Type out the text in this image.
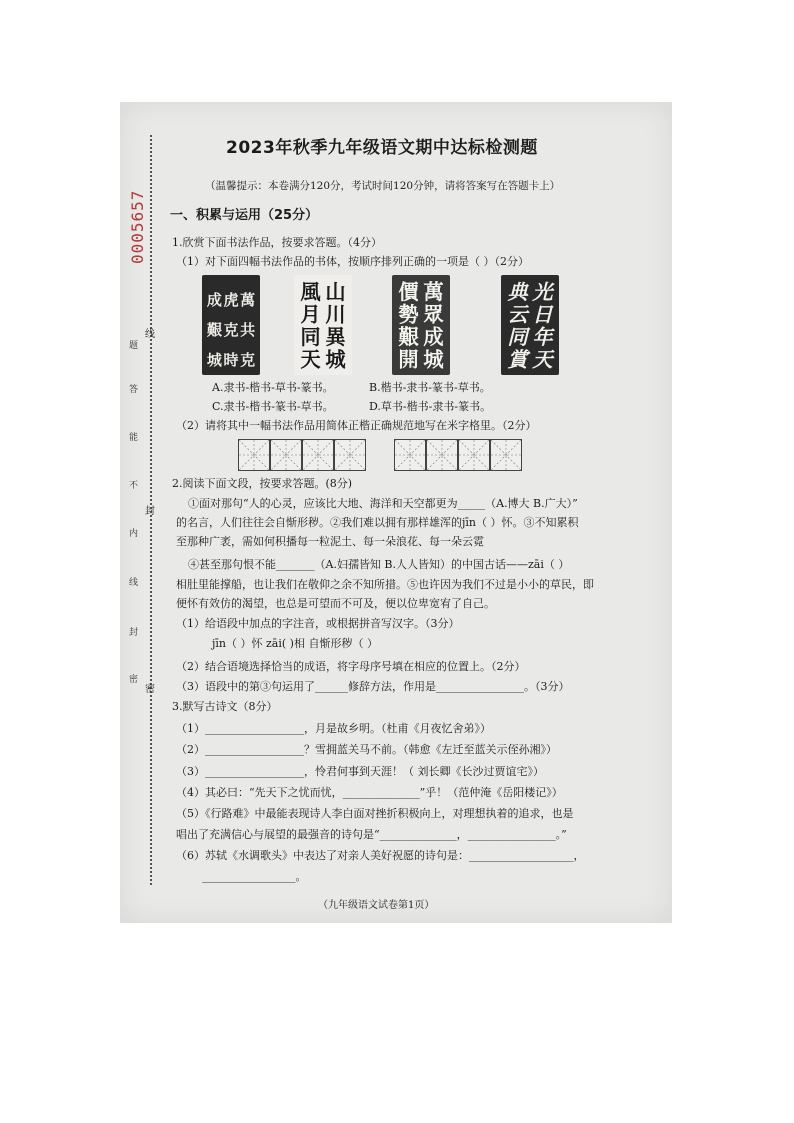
0005657
题
答
能
不
内
线
封
密
线
封
密
2023年秋季九年级语文期中达标检测题
（温馨提示：本卷满分120分，考试时间120分钟，请将答案写在答题卡上）
一、积累与运用（25分）
1.欣赏下面书法作品，按要求答题。（4分）
（1）对下面四幅书法作品的书体，按顺序排列正确的一项是（ ）（2分）
萬
共
克
虎
克
時
成
艱
城
山
川
異
城
風
月
同
天
萬
眾
成
城
價
勢
艱
開
光
日
年
天
典
云
同
賞
A.隶书-楷书-草书-篆书。	B.楷书-隶书-篆书-草书。
C.隶书-楷书-篆书-草书。	D.草书-楷书-隶书-篆书。
（2）请将其中一幅书法作品用简体正楷正确规范地写在米字格里。（2分）
2.阅读下面文段，按要求答题。(8分)
①面对那句“人的心灵，应该比大地、海洋和天空都更为_____（A.博大 B.广大）”
的名言，人们往往会自惭形秽。②我们难以拥有那样雄浑的jīn（ ）怀。③不知累积
至那种广袤，需如何积播每一粒泥土、每一朵浪花、每一朵云霓
④甚至那句恨不能_______（A.妇孺皆知 B.人人皆知）的中国古话——zāi（ ）
相肚里能撑船，也让我们在敬仰之余不知所措。⑤也许因为我们不过是小小的草民，即
便怀有效仿的渴望，也总是可望而不可及，便以位卑宽宥了自己。
（1）给语段中加点的字注音，或根据拼音写汉字。（3分）
jīn（ ）怀 zāi( )相 自惭形秽（ ）
（2）结合语境选择恰当的成语，将字母序号填在相应的位置上。（2分）
（3）语段中的第③句运用了______修辞方法，作用是________________。（3分）
3.默写古诗文（8分）
（1）__________________，月是故乡明。（杜甫《月夜忆舍弟》）
（2）__________________？雪拥蓝关马不前。（韩愈《左迁至蓝关示侄孙湘》）
（3）__________________，怜君何事到天涯！（ 刘长卿《长沙过贾谊宅》）
（4）其必曰：“先天下之忧而忧，______________”乎！（范仲淹《岳阳楼记》）
（5）《行路难》中最能表现诗人李白面对挫折积极向上，对理想执着的追求，也是
唱出了充满信心与展望的最强音的诗句是“______________，________________。”
（6）苏轼《水调歌头》中表达了对亲人美好祝愿的诗句是：___________________，
_________________。
（九年级语文试卷第1页）
